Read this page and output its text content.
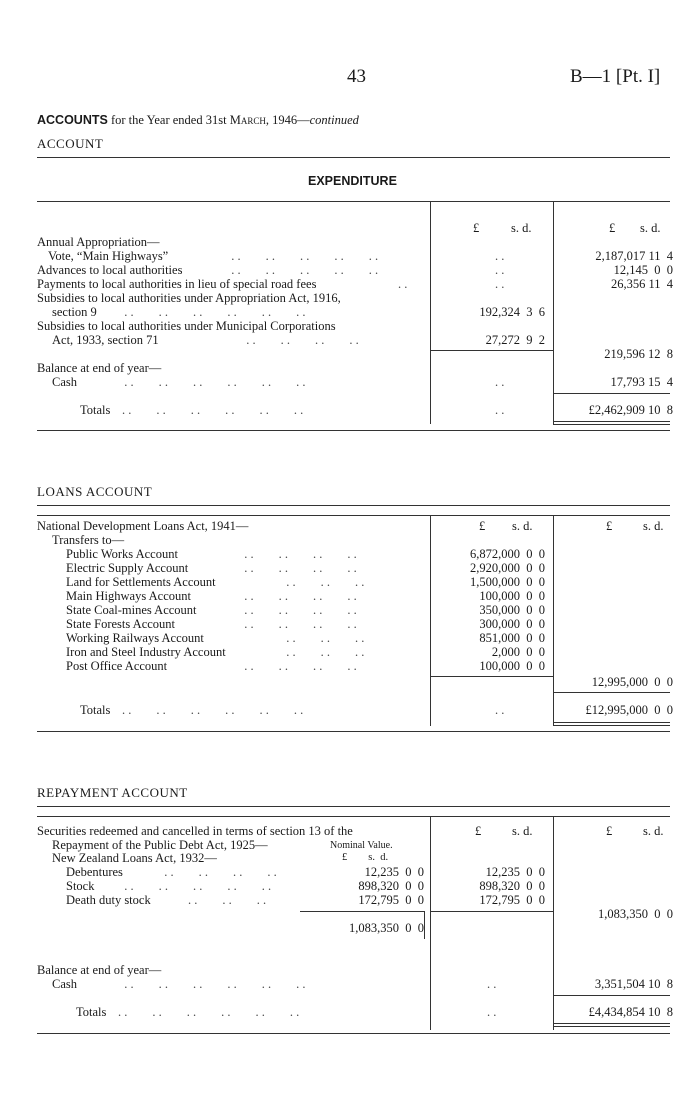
43	B—1 [Pt. I]
ACCOUNTS for the Year ended 31st March, 1946—continued
ACCOUNT
EXPENDITURE
£	s. d.	£ s. d.
Annual Appropriation—
Vote, “Main Highways”	. .        . .        . .        . .        . .	. .	2,187,017 11  4
Advances to local authorities	. .        . .        . .        . .        . .	. .	12,145  0  0
Payments to local authorities in lieu of special road fees	. .	. .	26,356 11  4
Subsidies to local authorities under Appropriation Act, 1916,
section 9 . .        . .        . .        . .        . .        . .	192,324  3  6
Subsidies to local authorities under Municipal Corporations
Act, 1933, section 71	. .        . .        . .        . .	27,272  9  2
219,596 12  8
Balance at end of year—
Cash	. .        . .        . .        . .        . .        . .	. .	17,793 15  4
Totals . .        . .        . .        . .        . .        . .	. .	£2,462,909 10  8
LOANS ACCOUNT
National Development Loans Act, 1941—	£ s. d.	£ s. d.
Transfers to—
Public Works Account	. .        . .        . .        . .	6,872,000  0  0
Electric Supply Account	. .        . .        . .        . .	2,920,000  0  0
Land for Settlements Account	. .        . .        . .	1,500,000  0  0
Main Highways Account	. .        . .        . .        . .	100,000  0  0
State Coal-mines Account	. .        . .        . .        . .	350,000  0  0
State Forests Account	. .        . .        . .        . .	300,000  0  0
Working Railways Account	. .        . .        . .	851,000  0  0
Iron and Steel Industry Account	. .        . .        . .	2,000  0  0
Post Office Account	. .        . .        . .        . .	100,000  0  0
12,995,000  0  0
Totals . .        . .        . .        . .        . .        . .	. .	£12,995,000  0  0
REPAYMENT ACCOUNT
Securities redeemed and cancelled in terms of section 13 of the	£ s. d.	£ s. d.
Repayment of the Public Debt Act, 1925—	Nominal Value.
New Zealand Loans Act, 1932—	£        s.  d.
Debentures	. .        . .        . .        . .	12,235  0  0	12,235  0  0
Stock . .        . .        . .        . .        . .	898,320  0  0	898,320  0  0
Death duty stock	. .        . .        . .	172,795  0  0	172,795  0  0
1,083,350  0  0
1,083,350  0  0
Balance at end of year—
Cash	. .        . .        . .        . .        . .        . .	. .	3,351,504 10  8
Totals . .        . .        . .        . .        . .        . .	. .	£4,434,854 10  8
